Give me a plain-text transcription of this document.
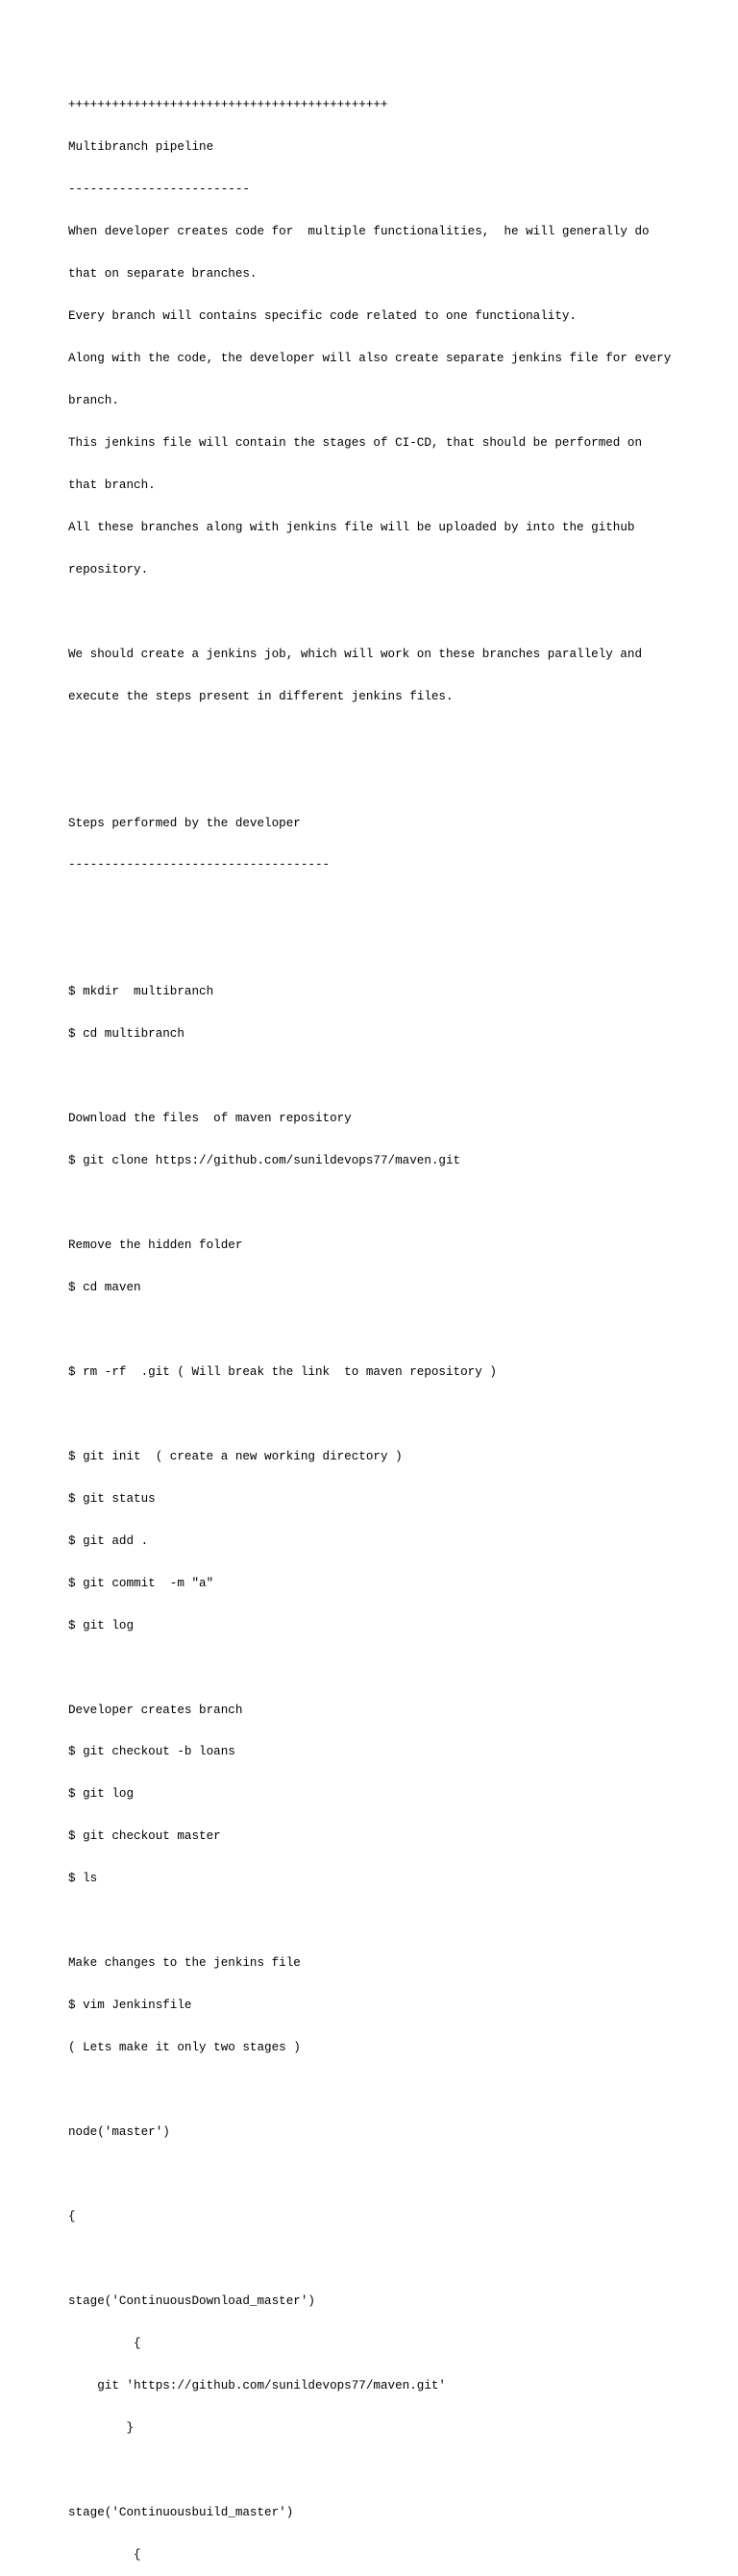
++++++++++++++++++++++++++++++++++++++++++++

Multibranch pipeline

-------------------------

When developer creates code for  multiple functionalities,  he will generally do

that on separate branches.

Every branch will contains specific code related to one functionality.

Along with the code, the developer will also create separate jenkins file for every

branch.

This jenkins file will contain the stages of CI-CD, that should be performed on

that branch.

All these branches along with jenkins file will be uploaded by into the github

repository.

We should create a jenkins job, which will work on these branches parallely and

execute the steps present in different jenkins files.

Steps performed by the developer

------------------------------------

$ mkdir  multibranch

$ cd multibranch

Download the files  of maven repository

$ git clone https://github.com/sunildevops77/maven.git

Remove the hidden folder

$ cd maven

$ rm -rf  .git ( Will break the link  to maven repository )

$ git init  ( create a new working directory )

$ git status

$ git add .

$ git commit  -m "a"

$ git log

Developer creates branch

$ git checkout -b loans

$ git log

$ git checkout master

$ ls

Make changes to the jenkins file

$ vim Jenkinsfile

( Lets make it only two stages )

node('master')

{

stage('ContinuousDownload_master')

{

git 'https://github.com/sunildevops77/maven.git'

}

stage('Continuousbuild_master')

{
